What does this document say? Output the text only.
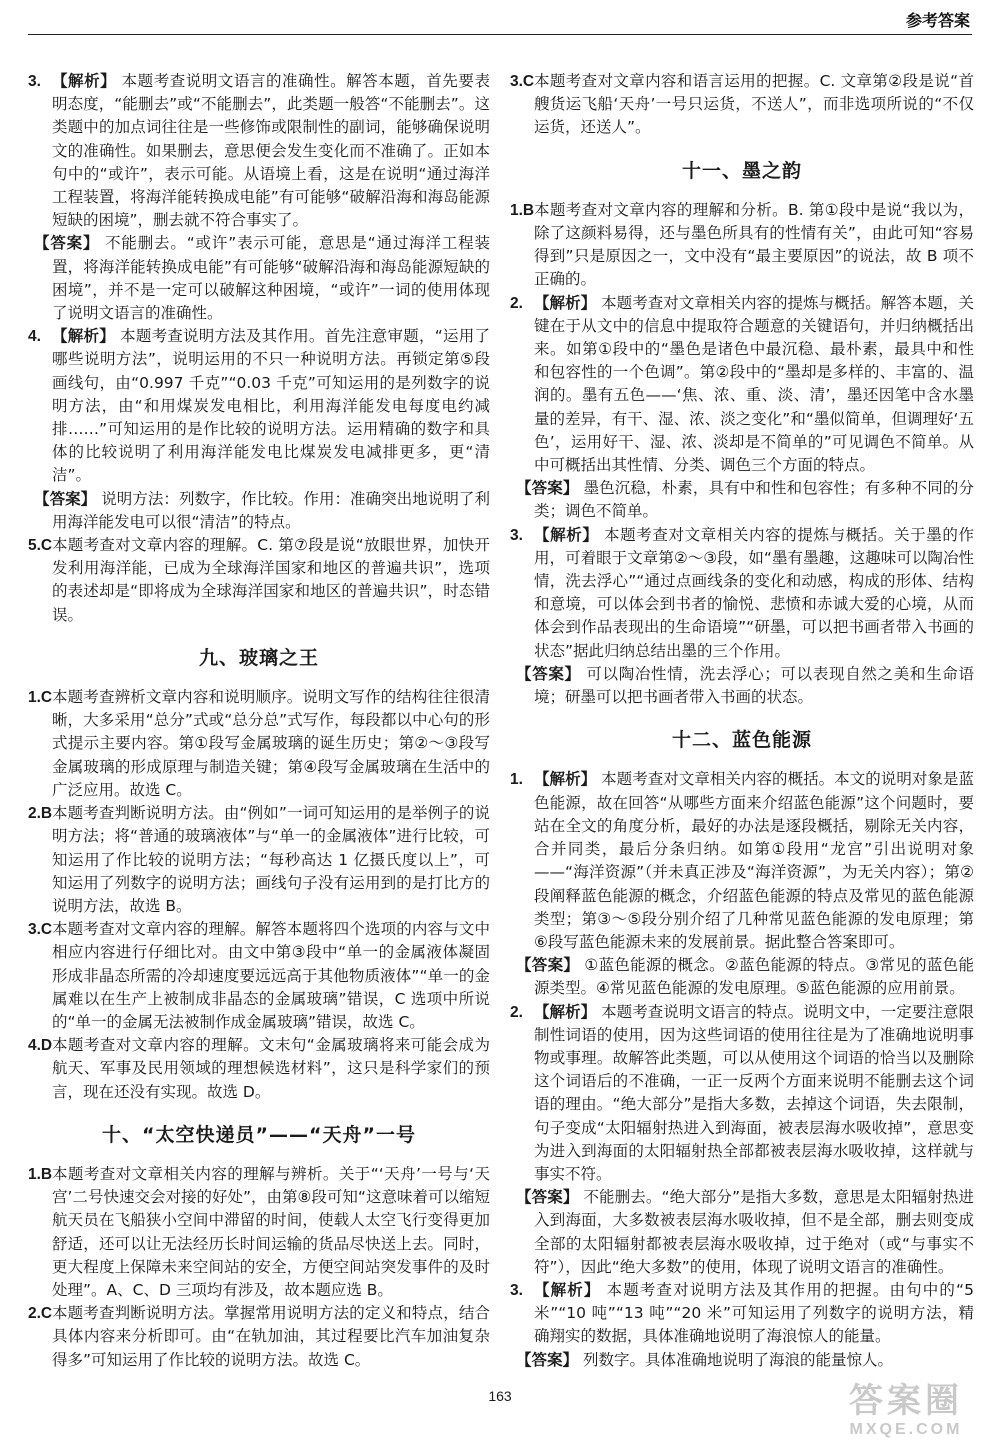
参考答案

3. 【 解析 】 本题考查说明文语言的准确性。解答本题，首先要表明态度，“能删去”或“不能删去”，此类题一般答“不能删去”。这类题中的加点词往往是一些修饰或限制性的副词，能够确保说明文的准确性。如果删去，意思便会发生变化而不准确了。正如本句中的“或许”，表示可能。从语境上看，这是在说明“通过海洋工程装置，将海洋能转换成电能”有可能够“破解沿海和海岛能源短缺的困境”，删去就不符合事实了。

【 答案 】 不能删去。“或许”表示可能，意思是“通过海洋工程装置，将海洋能转换成电能”有可能够“破解沿海和海岛能源短缺的困境”，并不是一定可以破解这种困境，“或许”一词的使用体现了说明文语言的准确性。

4. 【 解析 】 本题考查说明方法及其作用。首先注意审题，“运用了哪些说明方法”，说明运用的不只一种说明方法。再锁定第⑤段画线句，由“0.997 千克”“0.03 千克”可知运用的是列数字的说明方法，由“和用煤炭发电相比，利用海洋能发电每度电约减排……”可知运用的是作比较的说明方法。运用精确的数字和具体的比较说明了利用海洋能发电比煤炭发电减排更多，更“清洁”。

【 答案 】 说明方法：列数字，作比较。作用：准确突出地说明了利用海洋能发电可以很“清洁”的特点。

5.C 本题考查对文章内容的理解。C. 第⑦段是说“放眼世界，加快开发利用海洋能，已成为全球海洋国家和地区的普遍共识”，选项的表述却是“即将成为全球海洋国家和地区的普遍共识”，时态错误。

九、玻璃之王

1.C 本题考查辨析文章内容和说明顺序。说明文写作的结构往往很清晰，大多采用“总分”式或“总分总”式写作，每段都以中心句的形式提示主要内容。第①段写金属玻璃的诞生历史；第②～③段写金属玻璃的形成原理与制造关键；第④段写金属玻璃在生活中的广泛应用。故选 C。

2.B 本题考查判断说明方法。由“例如”一词可知运用的是举例子的说明方法；将“普通的玻璃液体”与“单一的金属液体”进行比较，可知运用了作比较的说明方法；“每秒高达 1 亿摄氏度以上”，可知运用了列数字的说明方法；画线句子没有运用到的是打比方的说明方法，故选 B。

3.C 本题考查对文章内容的理解。解答本题将四个选项的内容与文中相应内容进行仔细比对。由文中第③段中“单一的金属液体凝固形成非晶态所需的冷却速度要远远高于其他物质液体”“单一的金属难以在生产上被制成非晶态的金属玻璃”错误，C 选项中所说的“单一的金属无法被制作成金属玻璃”错误，故选 C。

4.D 本题考查对文章内容的理解。文末句“金属玻璃将来可能会成为航天、军事及民用领域的理想候选材料”，这只是科学家们的预言，现在还没有实现。故选 D。

十、“太空快递员”——“天舟”一号

1.B 本题考查对文章相关内容的理解与辨析。关于“‘天舟’一号与‘天宫’二号快速交会对接的好处”，由第⑧段可知“这意味着可以缩短航天员在飞船狭小空间中滞留的时间，使载人太空飞行变得更加舒适，还可以让无法经历长时间运输的货品尽快送上去。同时，更大程度上保障未来空间站的安全，方便空间站突发事件的及时处理”。A、C、D 三项均有涉及，故本题应选 B。

2.C 本题考查判断说明方法。掌握常用说明方法的定义和特点，结合具体内容来分析即可。由“在轨加油，其过程要比汽车加油复杂得多”可知运用了作比较的说明方法。故选 C。

3.C 本题考查对文章内容和语言运用的把握。C. 文章第②段是说“首艘货运飞船‘天舟’一号只运货，不送人”，而非选项所说的“不仅运货，还送人”。

十一、墨之韵

1.B 本题考查对文章内容的理解和分析。B. 第①段中是说“我以为，除了这颜料易得，还与墨色所具有的性情有关”，由此可知“容易得到”只是原因之一，文中没有“最主要原因”的说法，故 B 项不正确的。

2. 【 解析 】 本题考查对文章相关内容的提炼与概括。解答本题，关键在于从文中的信息中提取符合题意的关键语句，并归纳概括出来。如第①段中的“墨色是诸色中最沉稳、最朴素，最具中和性和包容性的一个色调”。第②段中的“墨却是多样的、丰富的、温润的。墨有五色——‘焦、浓、重、淡、清’，墨还因笔中含水墨量的差异，有干、湿、浓、淡之变化”和“墨似简单，但调理好‘五色’，运用好干、湿、浓、淡却是不简单的”可见调色不简单。从中可概括出其性情、分类、调色三个方面的特点。

【 答案 】 墨色沉稳，朴素，具有中和性和包容性；有多种不同的分类；调色不简单。

3. 【 解析 】 本题考查对文章相关内容的提炼与概括。关于墨的作用，可着眼于文章第②～③段，如“墨有墨趣，这趣味可以陶冶性情，洗去浮心”“通过点画线条的变化和动感，构成的形体、结构和意境，可以体会到书者的愉悦、悲愤和赤诚大爱的心境，从而体会到作品表现出的生命语境”“研墨，可以把书画者带入书画的状态”据此归纳总结出墨的三个作用。

【 答案 】 可以陶冶性情，洗去浮心；可以表现自然之美和生命语境；研墨可以把书画者带入书画的状态。

十二、蓝色能源

1. 【 解析 】 本题考查对文章相关内容的概括。本文的说明对象是蓝色能源，故在回答“从哪些方面来介绍蓝色能源”这个问题时，要站在全文的角度分析，最好的办法是逐段概括，剔除无关内容，合并同类，最后分条归纳。如第①段用“龙宫”引出说明对象——“海洋资源”（并未真正涉及“海洋资源”，为无关内容）；第②段阐释蓝色能源的概念，介绍蓝色能源的特点及常见的蓝色能源类型；第③～⑤段分别介绍了几种常见蓝色能源的发电原理；第⑥段写蓝色能源未来的发展前景。据此整合答案即可。

【 答案 】 ①蓝色能源的概念。②蓝色能源的特点。③常见的蓝色能源类型。④常见蓝色能源的发电原理。⑤蓝色能源的应用前景。

2. 【 解析 】 本题考查说明文语言的特点。说明文中，一定要注意限制性词语的使用，因为这些词语的使用往往是为了准确地说明事物或事理。故解答此类题，可以从使用这个词语的恰当以及删除这个词语后的不准确，一正一反两个方面来说明不能删去这个词语的理由。“绝大部分”是指大多数，去掉这个词语，失去限制，句子变成“太阳辐射热进入到海面，被表层海水吸收掉”，意思变为进入到海面的太阳辐射热全部都被表层海水吸收掉，这样就与事实不符。

【 答案 】 不能删去。“绝大部分”是指大多数，意思是太阳辐射热进入到海面，大多数被表层海水吸收掉，但不是全部，删去则变成全部的太阳辐射都被表层海水吸收掉，过于绝对（或“与事实不符”），因此“绝大多数”的使用，体现了说明文语言的准确性。

3. 【 解析 】 本题考查对说明方法及其作用的把握。由句中的“5 米”“10 吨”“13 吨”“20 米”可知运用了列数字的说明方法，精确翔实的数据，具体准确地说明了海浪惊人的能量。

【 答案 】 列数字。具体准确地说明了海浪的能量惊人。

163	答案圈
MXQE.COM
